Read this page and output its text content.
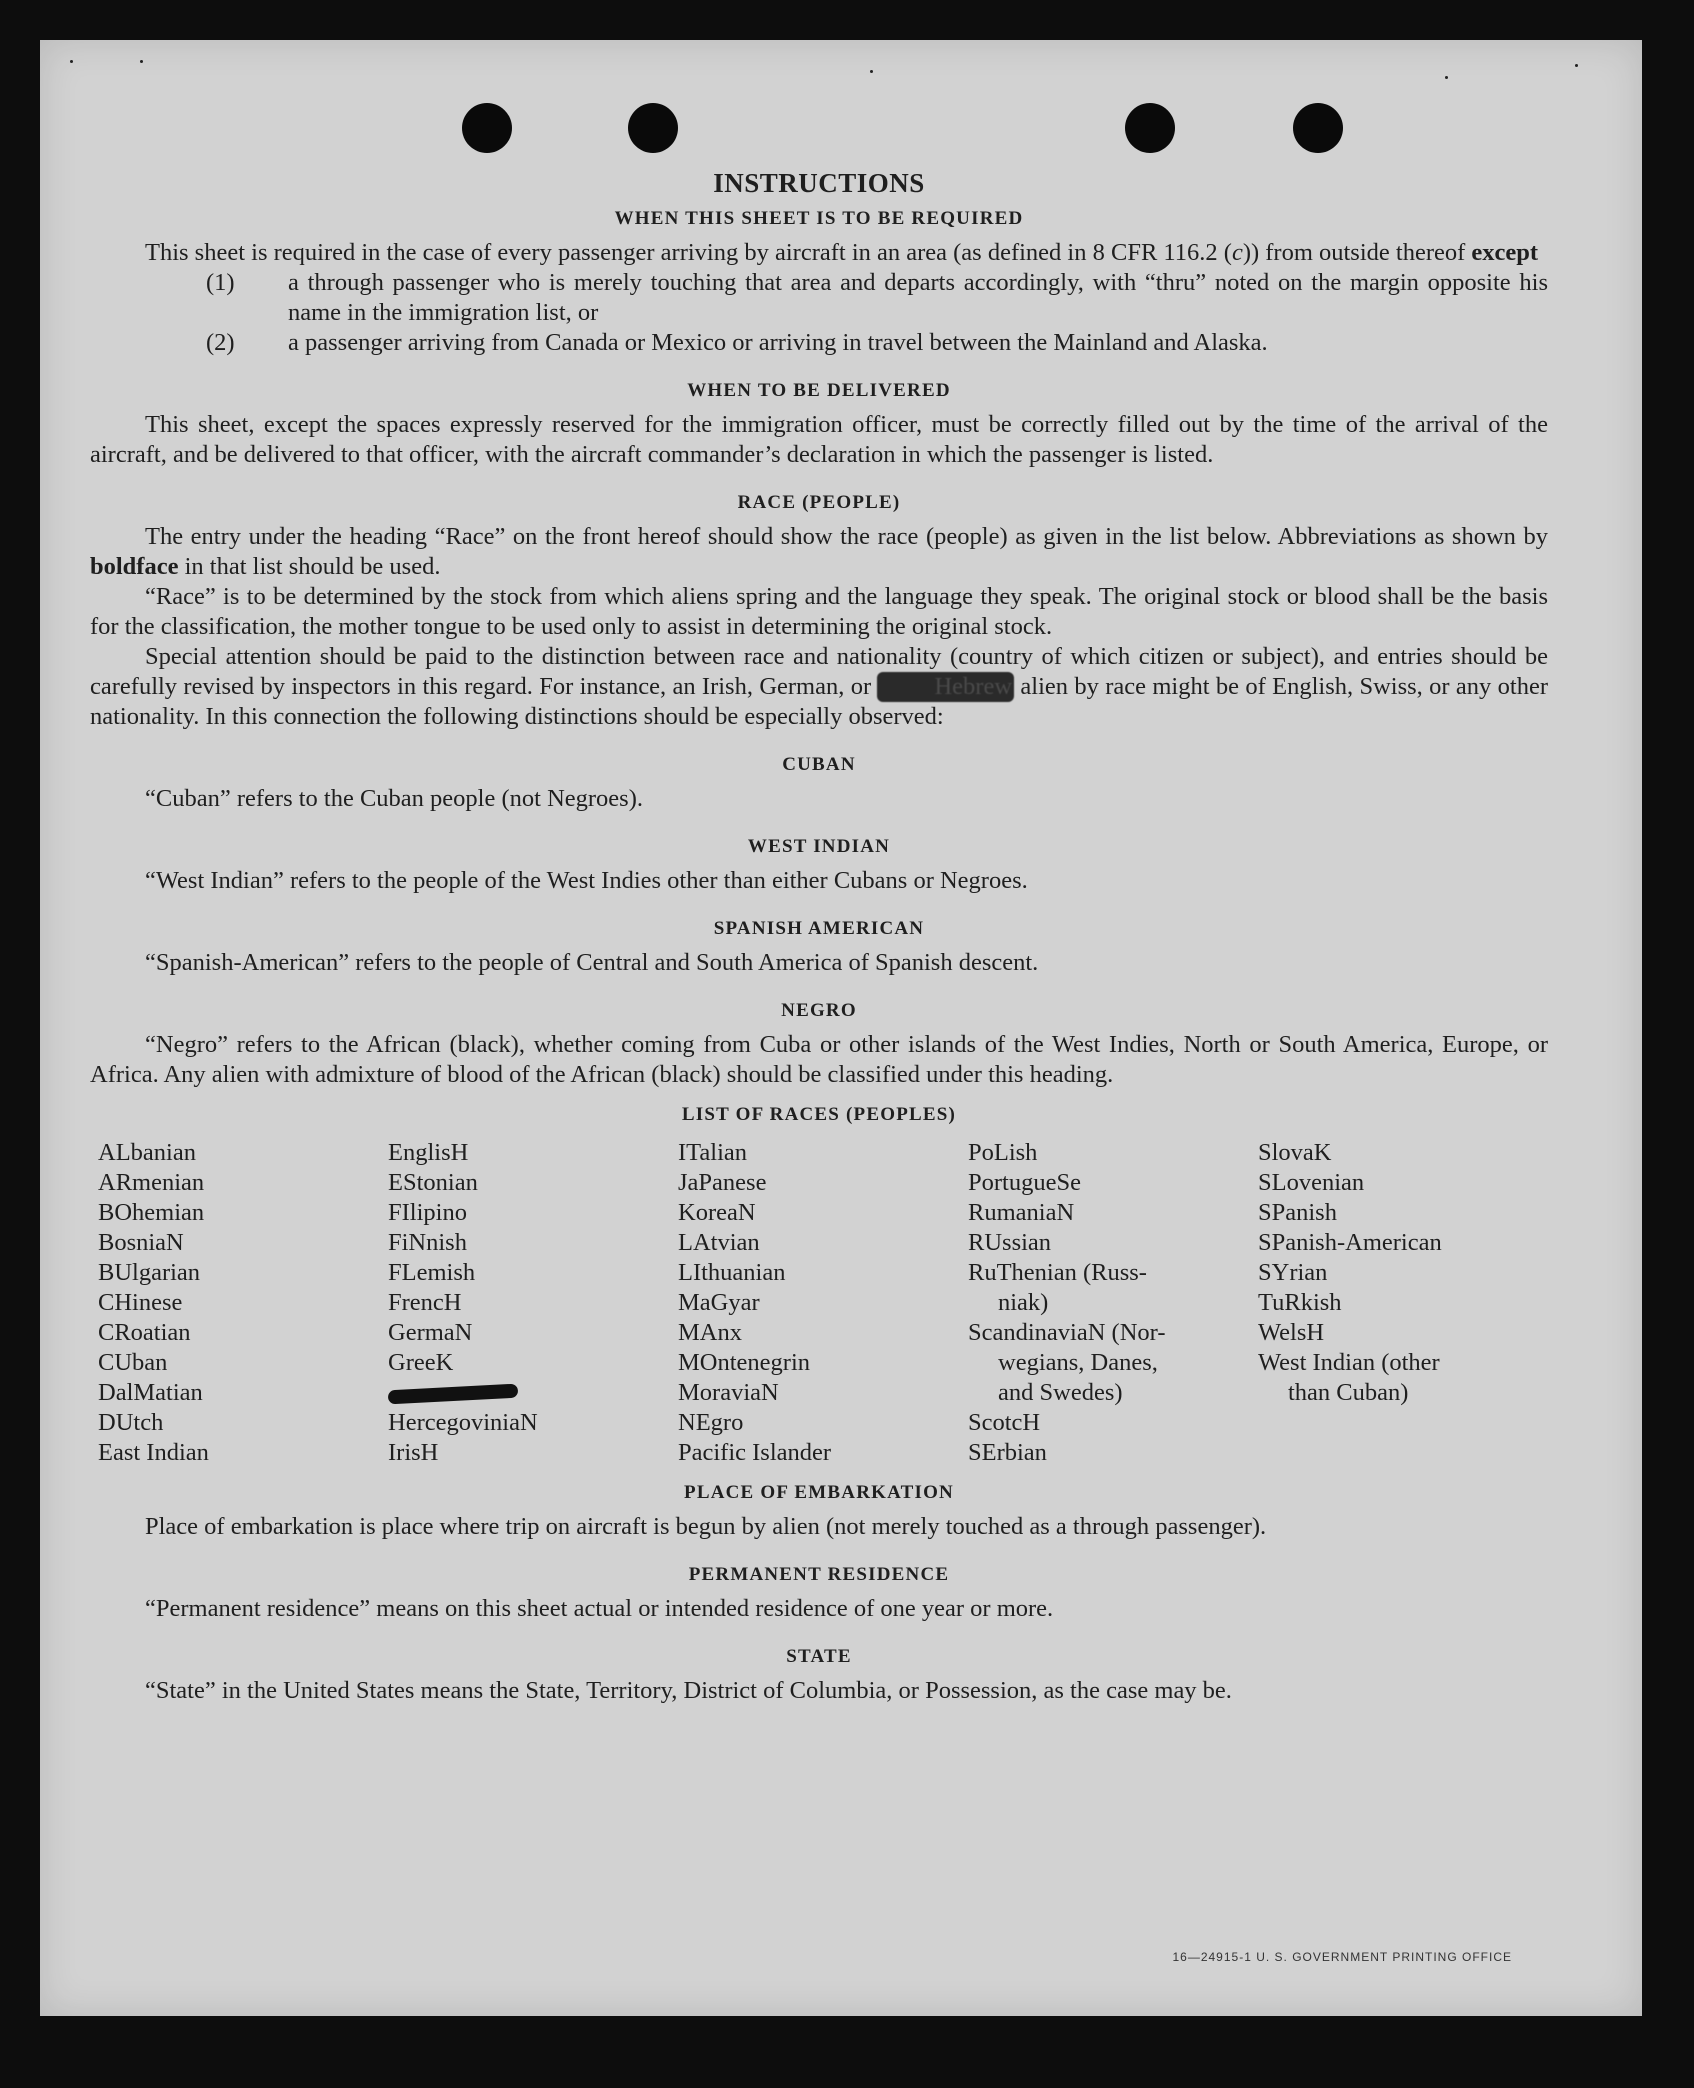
INSTRUCTIONS
WHEN THIS SHEET IS TO BE REQUIRED

This sheet is required in the case of every passenger arriving by aircraft in an area (as defined in 8 CFR 116.2 (c)) from outside thereof except

(1) a through passenger who is merely touching that area and departs accordingly, with “thru” noted on the margin opposite his name in the immigration list, or
(2) a passenger arriving from Canada or Mexico or arriving in travel between the Mainland and Alaska.
WHEN TO BE DELIVERED

This sheet, except the spaces expressly reserved for the immigration officer, must be correctly filled out by the time of the arrival of the aircraft, and be delivered to that officer, with the aircraft commander’s declaration in which the passenger is listed.

RACE (PEOPLE)

The entry under the heading “Race” on the front hereof should show the race (people) as given in the list below. Abbreviations as shown by boldface in that list should be used.

“Race” is to be determined by the stock from which aliens spring and the language they speak. The original stock or blood shall be the basis for the classification, the mother tongue to be used only to assist in determining the original stock.

Special attention should be paid to the distinction between race and nationality (country of which citizen or subject), and entries should be carefully revised by inspectors in this regard. For instance, an Irish, German, or Hebrew alien by race might be of English, Swiss, or any other nationality. In this connection the following distinctions should be especially observed:

CUBAN

“Cuban” refers to the Cuban people (not Negroes).

WEST INDIAN

“West Indian” refers to the people of the West Indies other than either Cubans or Negroes.

SPANISH AMERICAN

“Spanish-American” refers to the people of Central and South America of Spanish descent.

NEGRO

“Negro” refers to the African (black), whether coming from Cuba or other islands of the West Indies, North or South America, Europe, or Africa. Any alien with admixture of blood of the African (black) should be classified under this heading.

LIST OF RACES (PEOPLES)
ALbanian
ARmenian
BOhemian
BosniaN
BUlgarian
CHinese
CRoatian
CUban
DalMatian
DUtch
East Indian
EnglisH
EStonian
FIlipino
FiNnish
FLemish
FrencH
GermaN
GreeK
HercegoviniaN
IrisH
ITalian
JaPanese
KoreaN
LAtvian
LIthuanian
MaGyar
MAnx
MOntenegrin
MoraviaN
NEgro
Pacific Islander
PoLish
PortugueSe
RumaniaN
RUssian
RuThenian (Russ-
niak)
ScandinaviaN (Nor-
wegians, Danes,
and Swedes)
ScotcH
SErbian
SlovaK
SLovenian
SPanish
SPanish-American
SYrian
TuRkish
WelsH
West Indian (other
than Cuban)

PLACE OF EMBARKATION

Place of embarkation is place where trip on aircraft is begun by alien (not merely touched as a through passenger).

PERMANENT RESIDENCE

“Permanent residence” means on this sheet actual or intended residence of one year or more.

STATE

“State” in the United States means the State, Territory, District of Columbia, or Possession, as the case may be.

16—24915-1 U. S. GOVERNMENT PRINTING OFFICE
